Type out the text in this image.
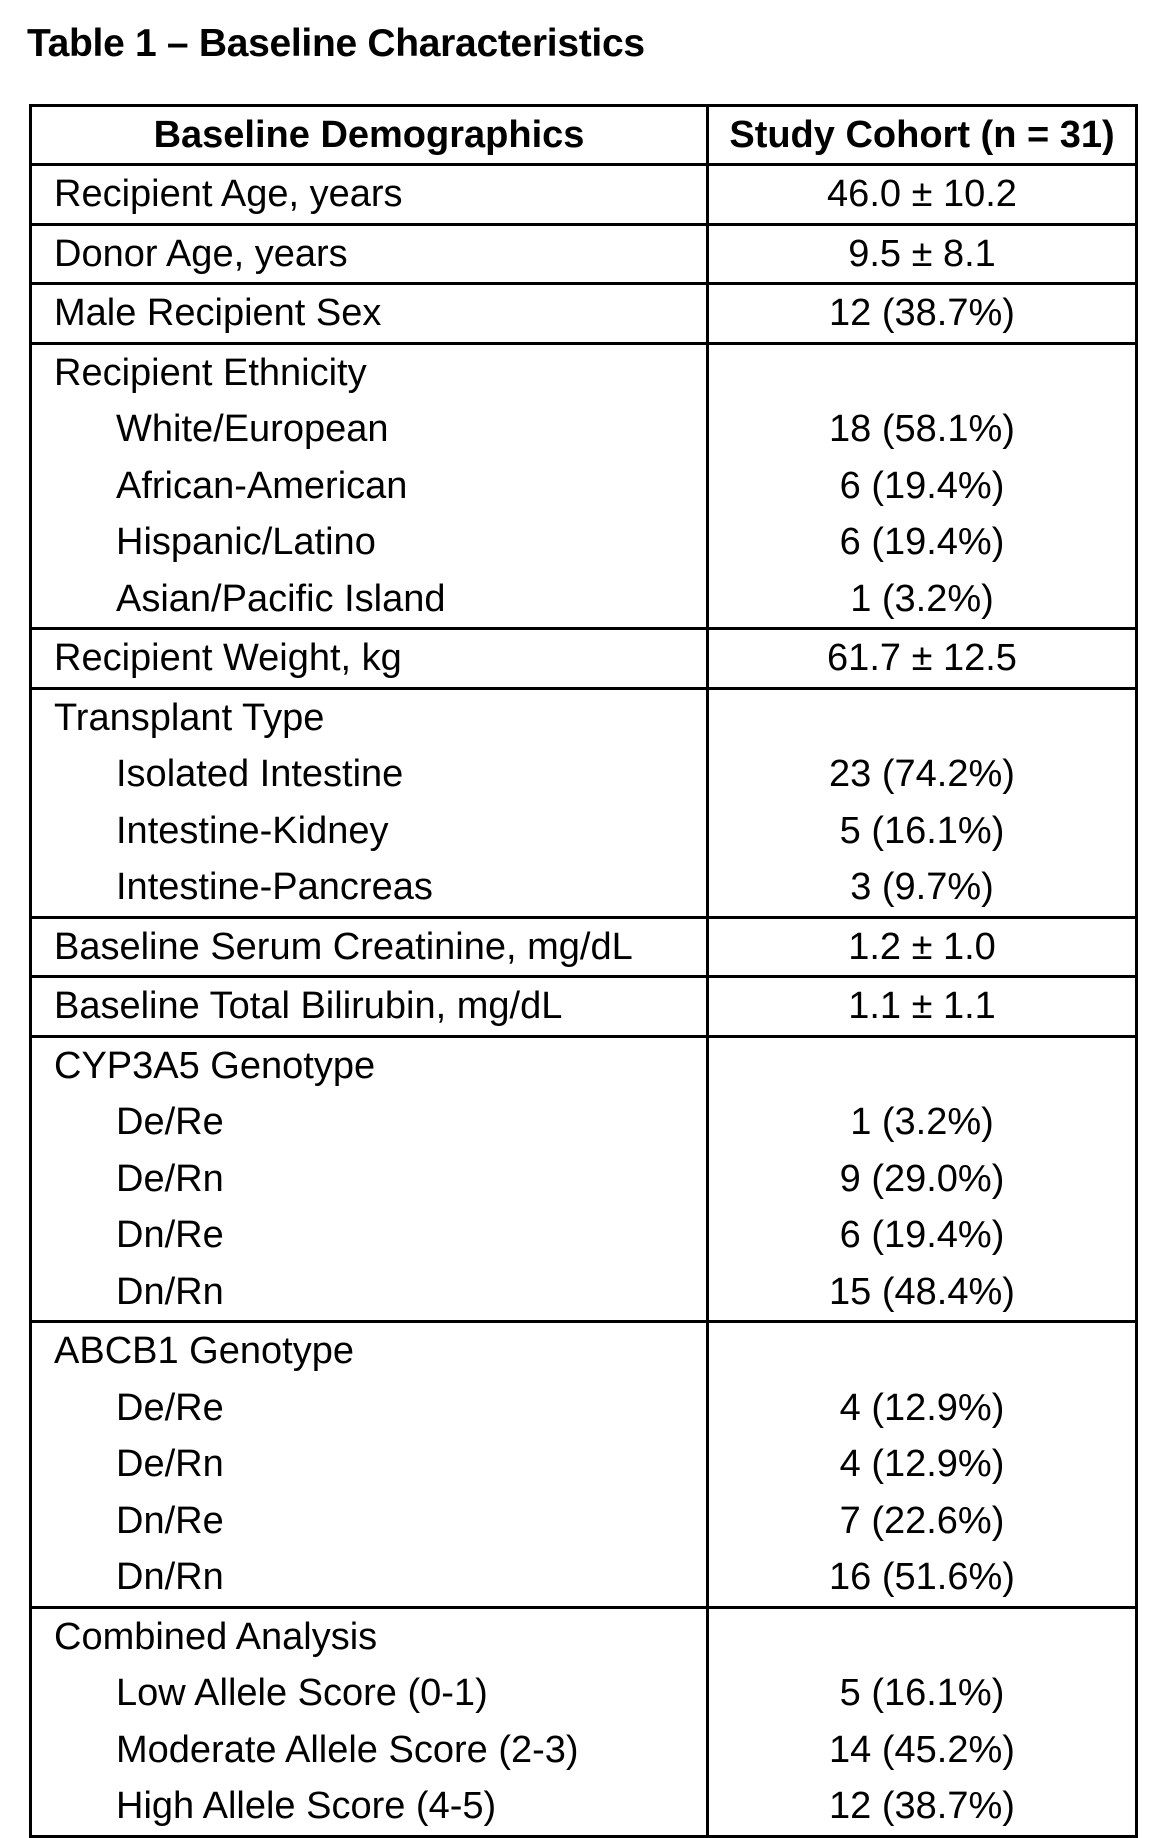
Table 1 – Baseline Characteristics
Baseline Demographics	Study Cohort (n = 31)
Recipient Age, years	46.0 ± 10.2
Donor Age, years	9.5 ± 8.1
Male Recipient Sex	12 (38.7%)
Recipient Ethnicity	
White/European	18 (58.1%)
African-American	6 (19.4%)
Hispanic/Latino	6 (19.4%)
Asian/Pacific Island	1 (3.2%)
Recipient Weight, kg	61.7 ± 12.5
Transplant Type	
Isolated Intestine	23 (74.2%)
Intestine-Kidney	5 (16.1%)
Intestine-Pancreas	3 (9.7%)
Baseline Serum Creatinine, mg/dL	1.2 ± 1.0
Baseline Total Bilirubin, mg/dL	1.1 ± 1.1
CYP3A5 Genotype	
De/Re	1 (3.2%)
De/Rn	9 (29.0%)
Dn/Re	6 (19.4%)
Dn/Rn	15 (48.4%)
ABCB1 Genotype	
De/Re	4 (12.9%)
De/Rn	4 (12.9%)
Dn/Re	7 (22.6%)
Dn/Rn	16 (51.6%)
Combined Analysis	
Low Allele Score (0-1)	5 (16.1%)
Moderate Allele Score (2-3)	14 (45.2%)
High Allele Score (4-5)	12 (38.7%)
